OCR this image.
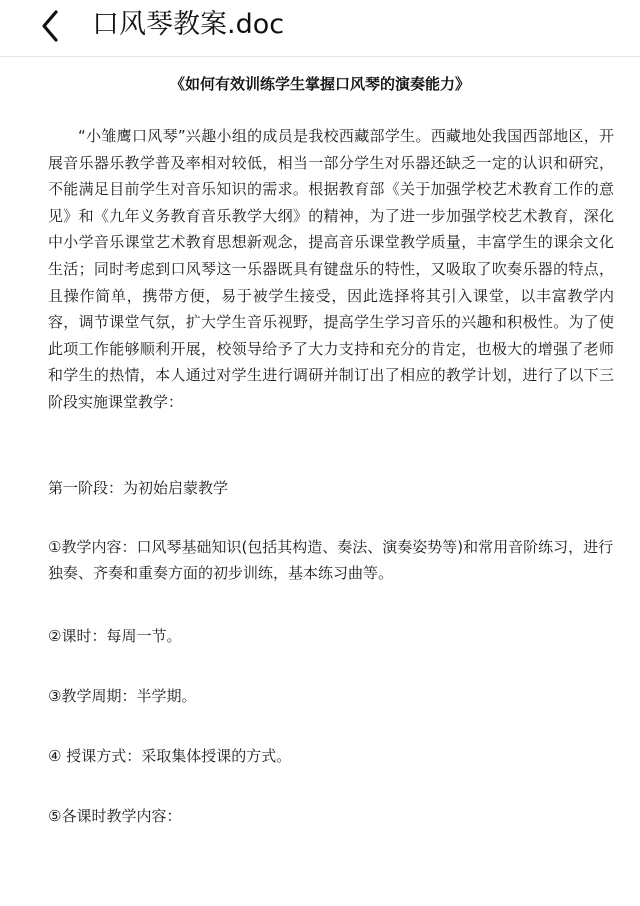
口风琴教案.doc
《如何有效训练学生掌握口风琴的演奏能力》

“小雏鹰口风琴”兴趣小组的成员是我校西藏部学生。西藏地处我国西部地区，开展音乐器乐教学普及率相对较低，相当一部分学生对乐器还缺乏一定的认识和研究，不能满足目前学生对音乐知识的需求。根据教育部《关于加强学校艺术教育工作的意见》和《九年义务教育音乐教学大纲》的精神，为了进一步加强学校艺术教育，深化中小学音乐课堂艺术教育思想新观念，提高音乐课堂教学质量，丰富学生的课余文化生活；同时考虑到口风琴这一乐器既具有键盘乐的特性，又吸取了吹奏乐器的特点，且操作简单，携带方便，易于被学生接受，因此选择将其引入课堂，以丰富教学内容，调节课堂气氛，扩大学生音乐视野，提高学生学习音乐的兴趣和积极性。为了使此项工作能够顺利开展，校领导给予了大力支持和充分的肯定，也极大的增强了老师和学生的热情，本人通过对学生进行调研并制订出了相应的教学计划，进行了以下三阶段实施课堂教学：

第一阶段：为初始启蒙教学

①教学内容：口风琴基础知识(包括其构造、奏法、演奏姿势等)和常用音阶练习，进行独奏、齐奏和重奏方面的初步训练，基本练习曲等。

②课时：每周一节。

③教学周期：半学期。

④ 授课方式：采取集体授课的方式。

⑤各课时教学内容：
